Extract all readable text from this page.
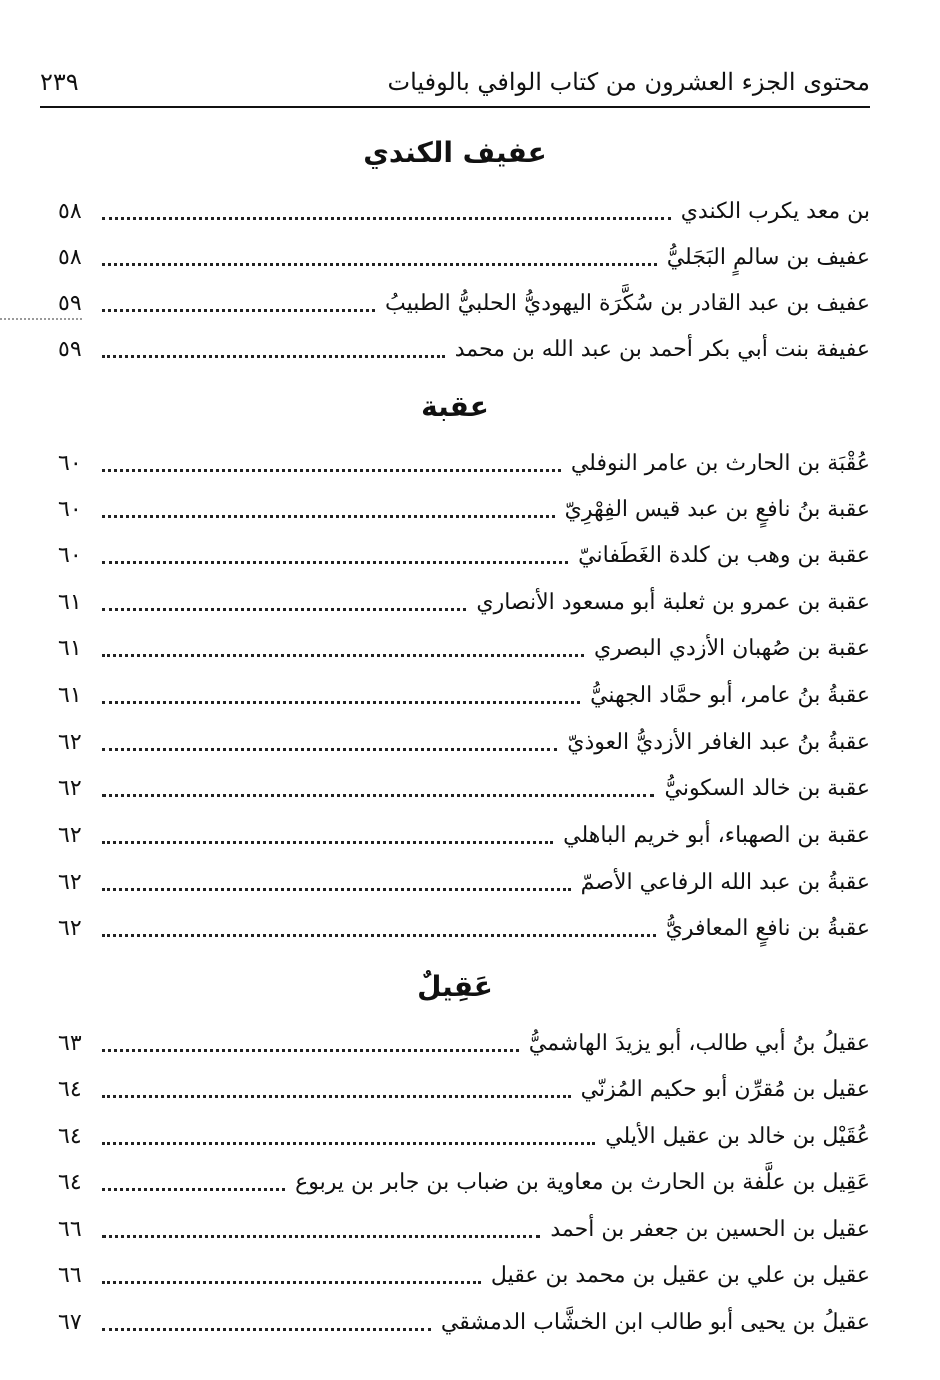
محتوى الجزء العشرون من كتاب الوافي بالوفيات
٢٣٩
عفيف الكندي
بن معد يكرب الكندي
٥٨
عفيف بن سالمٍ البَجَليُّ
٥٨
عفيف بن عبد القادر بن سُكَّرَة اليهوديُّ الحلبيُّ الطبيبُ
٥٩
عفيفة بنت أبي بكر أحمد بن عبد الله بن محمد
٥٩
عقبة
عُقْبَة بن الحارث بن عامر النوفلي
٦٠
عقبة بنُ نافعٍ بن عبد قيس الفِهْرِيّ
٦٠
عقبة بن وهب بن كلدة الغَطَفانيّ
٦٠
عقبة بن عمرو بن ثعلبة أبو مسعود الأنصاري
٦١
عقبة بن صُهبان الأزدي البصري
٦١
عقبةُ بنُ عامر، أبو حمَّاد الجهنيُّ
٦١
عقبةُ بنُ عبد الغافر الأزديُّ العوذيّ
٦٢
عقبة بن خالد السكونيُّ
٦٢
عقبة بن الصهباء، أبو خريم الباهلي
٦٢
عقبةُ بن عبد الله الرفاعي الأصمّ
٦٢
عقبةُ بن نافعٍ المعافريُّ
٦٢
عَقِيلٌ
عقيلُ بنُ أبي طالب، أبو يزيدَ الهاشميُّ
٦٣
عقيل بن مُقرِّن أبو حكيم المُزنّي
٦٤
عُقَيْل بن خالد بن عقيل الأيلي
٦٤
عَقِيل بن علَّفة بن الحارث بن معاوية بن ضباب بن جابر بن يربوع
٦٤
عقيل بن الحسين بن جعفر بن أحمد
٦٦
عقيل بن علي بن عقيل بن محمد بن عقيل
٦٦
عقيلُ بن يحيى أبو طالب ابن الخشَّاب الدمشقي
٦٧
